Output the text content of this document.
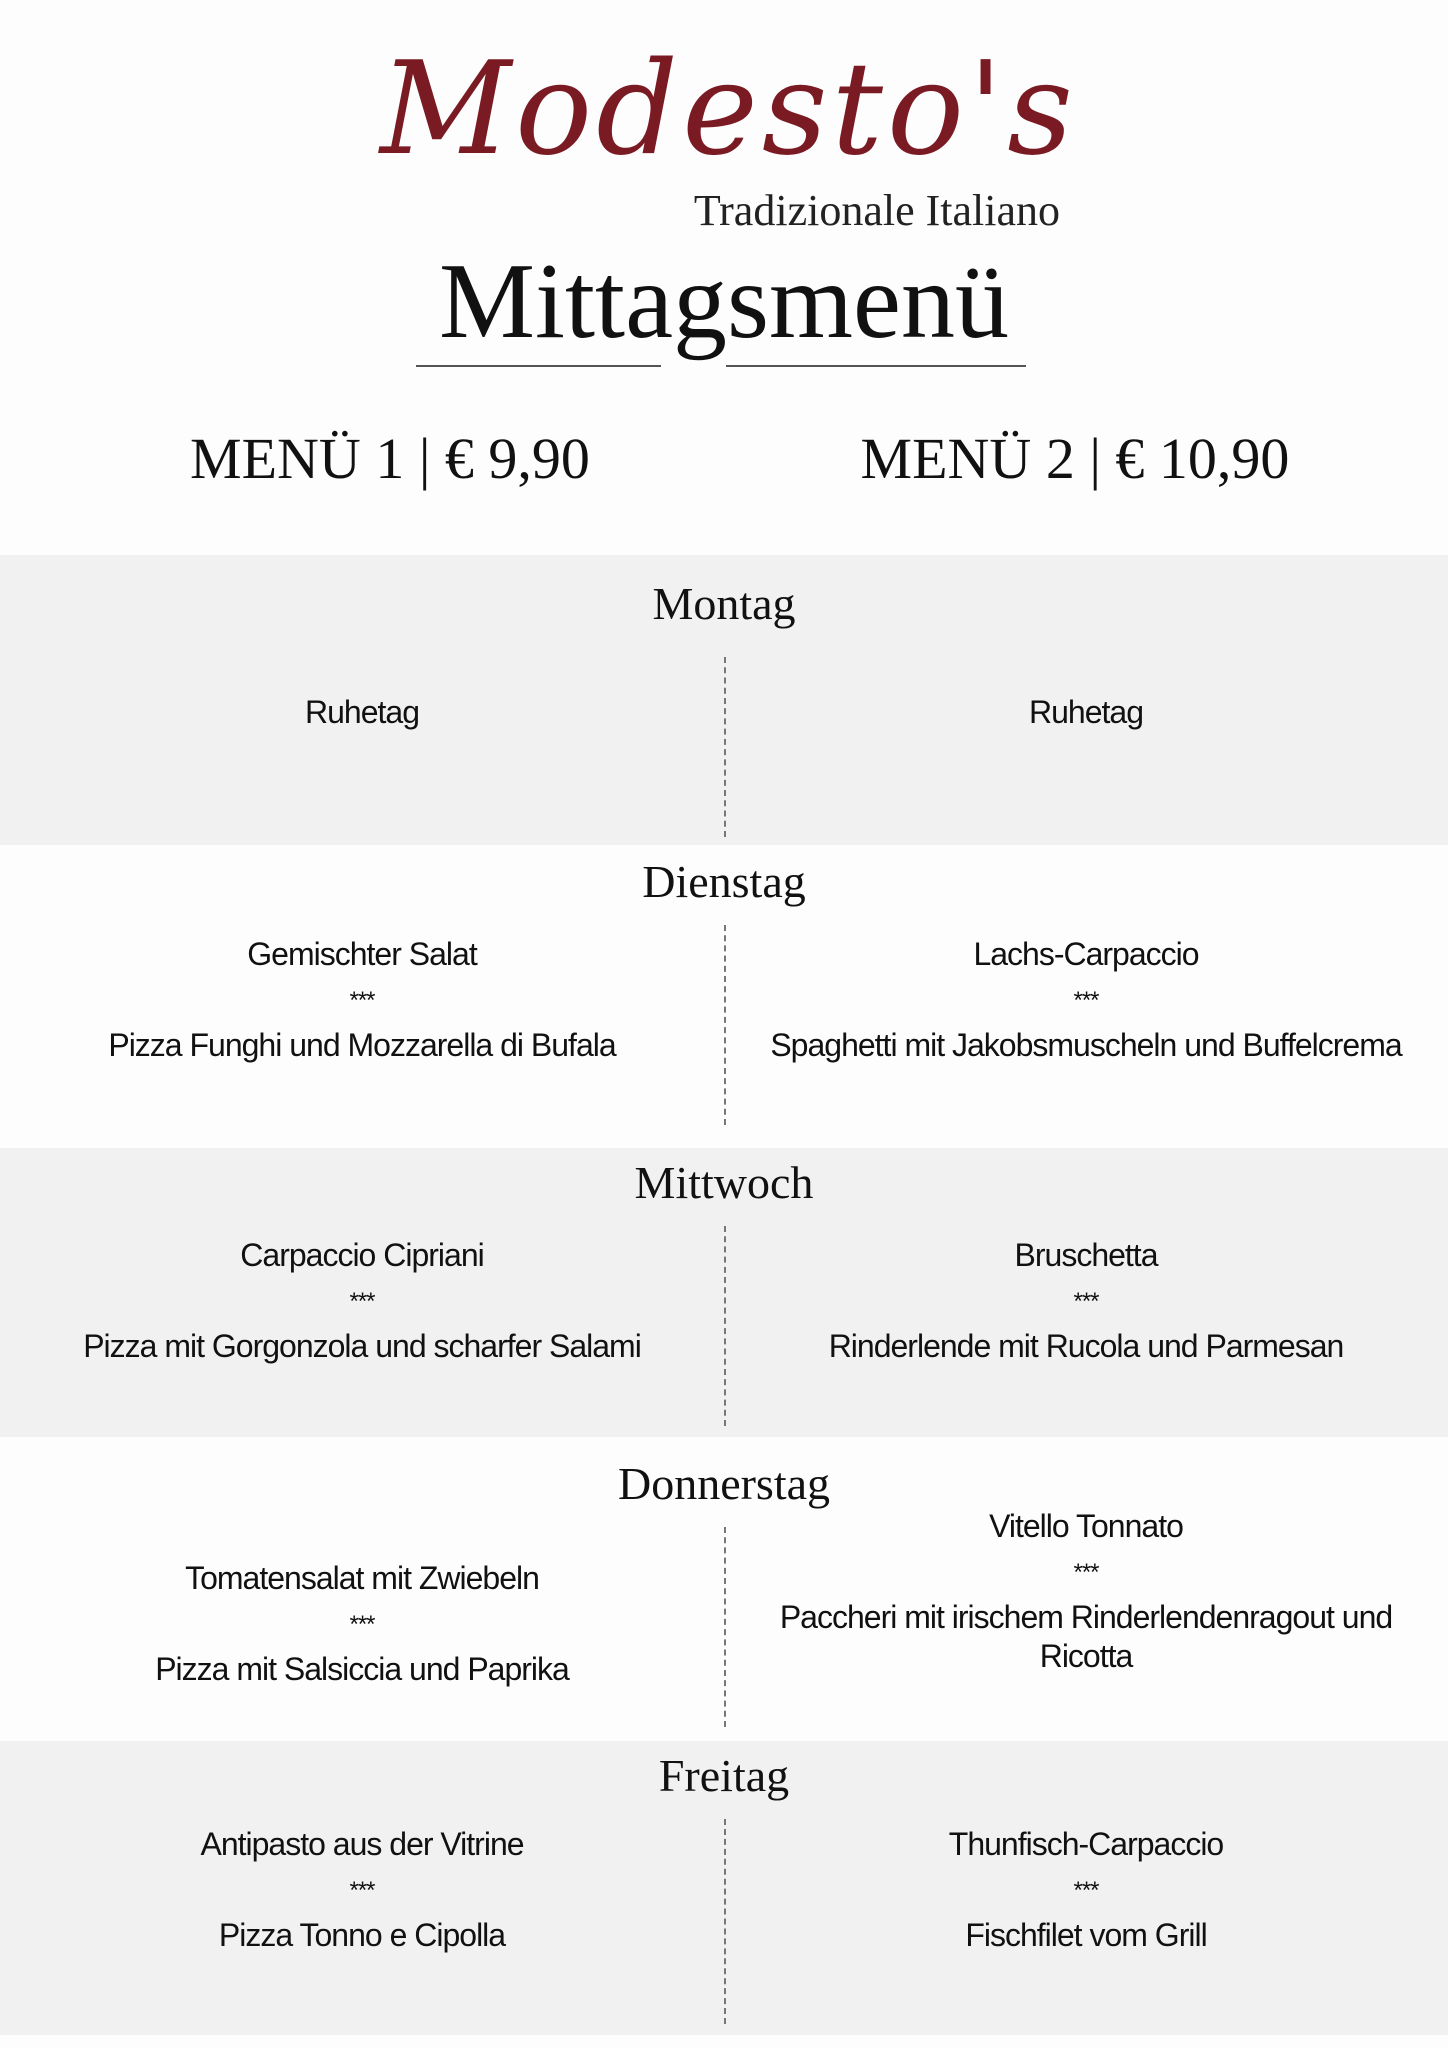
Modesto's
Tradizionale Italiano
Mittagsmenü
MENÜ 1 | € 9,90	MENÜ 2 | € 10,90
Montag
Ruhetag	Ruhetag
Dienstag
Gemischter Salat
***
Pizza Funghi und Mozzarella di Bufala
Lachs-Carpaccio
***
Spaghetti mit Jakobsmuscheln und Buffelcrema
Mittwoch
Carpaccio Cipriani
***
Pizza mit Gorgonzola und scharfer Salami
Bruschetta
***
Rinderlende mit Rucola und Parmesan
Donnerstag
Tomatensalat mit Zwiebeln
***
Pizza mit Salsiccia und Paprika
Vitello Tonnato
***
Paccheri mit irischem Rinderlendenragout und Ricotta
Freitag
Antipasto aus der Vitrine
***
Pizza Tonno e Cipolla
Thunfisch-Carpaccio
***
Fischfilet vom Grill
